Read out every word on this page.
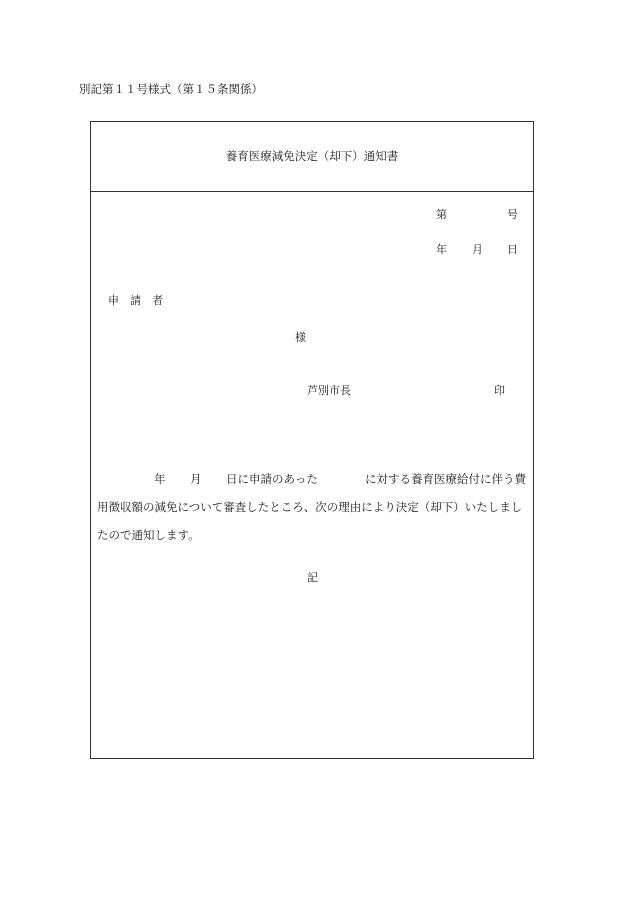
別記第１１号様式（第１５条関係）
養育医療減免決定（却下）通知書
第	号
年 月 日
申　請　者
様
芦別市長	印
年 月 日に申請のあった	に対する養育医療給付に伴う費
用徴収額の減免について審査したところ、次の理由により決定（却下）いたしまし
たので通知します。
記
